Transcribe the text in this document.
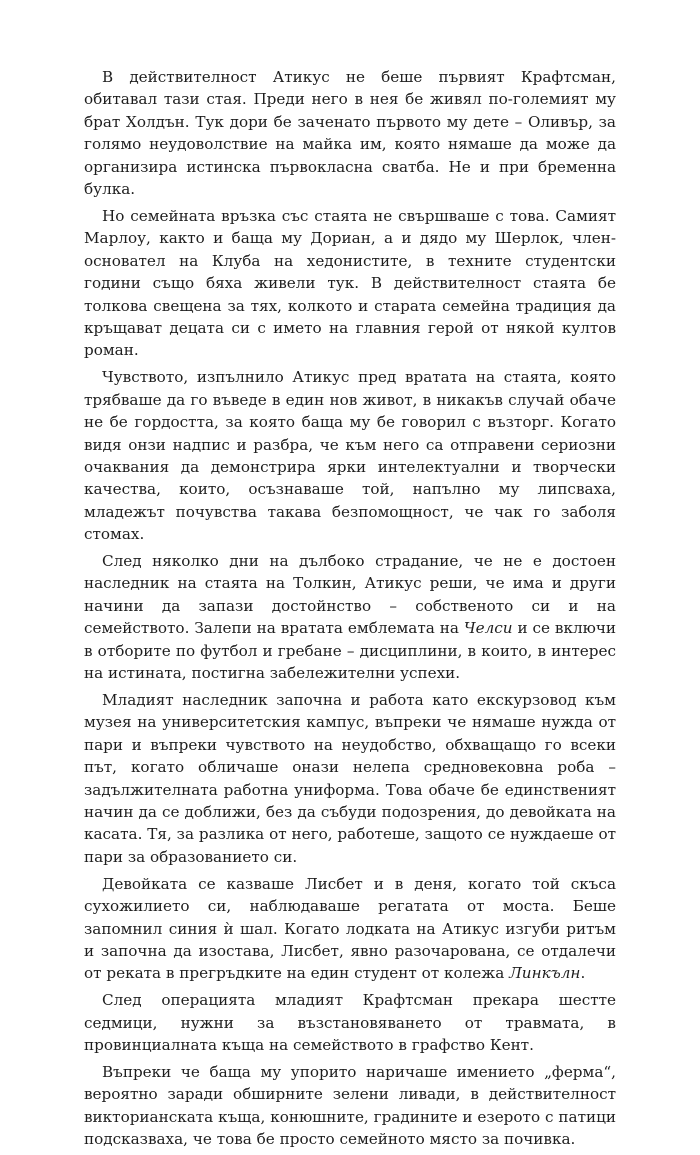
В действителност Атикус не беше първият Крафтсман, обитавал тази стая. Преди него в нея бе живял по-големият му брат Холдън. Тук дори бе заченато първото му дете – Оливър, за голямо неудоволствие на майка им, която нямаше да може да организира истинска първокласна сватба. Не и при бременна булка.

Но семейната връзка със стаята не свършваше с това. Самият Марлоу, както и баща му Дориан, а и дядо му Шерлок, член-основател на Клуба на хедонистите, в техните студентски години също бяха живели тук. В действителност стаята бе толкова свещена за тях, колкото и старата семейна традиция да кръщават децата си с името на главния герой от някой култов роман.

Чувството, изпълнило Атикус пред вратата на стаята, която трябваше да го въведе в един нов живот, в никакъв случай обаче не бе гордостта, за която баща му бе говорил с възторг. Когато видя онзи надпис и разбра, че към него са отправени сериозни очаквания да демонстрира ярки интелектуални и творчески качества, които, осъзнаваше той, напълно му липсваха, младежът почувства такава безпомощност, че чак го заболя стомах.

След няколко дни на дълбоко страдание, че не е достоен наследник на стаята на Толкин, Атикус реши, че има и други начини да запази достойнство – собственото си и на семейството. Залепи на вратата емблемата на Челси и се включи в отборите по футбол и гребане – дисциплини, в които, в интерес на истината, постигна забележителни успехи.

Младият наследник започна и работа като екскурзовод към музея на университетския кампус, въпреки че нямаше нужда от пари и въпреки чувството на неудобство, обхващащо го всеки път, когато обличаше онази нелепа средновековна роба – задължителната работна униформа. Това обаче бе единственият начин да се доближи, без да събуди подозрения, до девойката на касата. Тя, за разлика от него, работеше, защото се нуждаеше от пари за образованието си.

Девойката се казваше Лисбет и в деня, когато той скъса сухожилието си, наблюдаваше регатата от моста. Беше запомнил синия ѝ шал. Когато лодката на Атикус изгуби ритъм и започна да изостава, Лисбет, явно разочарована, се отдалечи от реката в прегръдките на един студент от колежа Линкълн.

След операцията младият Крафтсман прекара шестте седмици, нужни за възстановяването от травмата, в провинциалната къща на семейството в графство Кент.

Въпреки че баща му упорито наричаше имението „ферма“, вероятно заради обширните зелени ливади, в действителност викторианската къща, конюшните, градините и езерото с патици подсказваха, че това бе просто семейното място за почивка.
